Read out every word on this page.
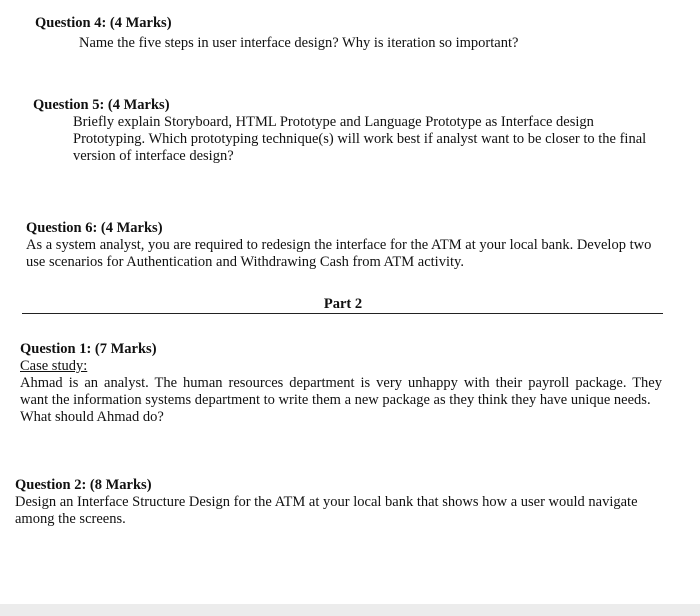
Question 4: (4 Marks)
Name the five steps in user interface design? Why is iteration so important?
Question 5: (4 Marks)
Briefly explain Storyboard, HTML Prototype and Language Prototype as Interface design
Prototyping. Which prototyping technique(s) will work best if analyst want to be closer to the final
version of interface design?
Question 6: (4 Marks)
As a system analyst, you are required to redesign the interface for the ATM at your local bank. Develop two
use scenarios for Authentication and Withdrawing Cash from ATM activity.
Part 2
Question 1: (7 Marks)
Case study:
Ahmad is an analyst. The human resources department is very unhappy with their payroll package. They
want the information systems department to write them a new package as they think they have unique needs.
What should Ahmad do?
Question 2: (8 Marks)
Design an Interface Structure Design for the ATM at your local bank that shows how a user would navigate
among the screens.
